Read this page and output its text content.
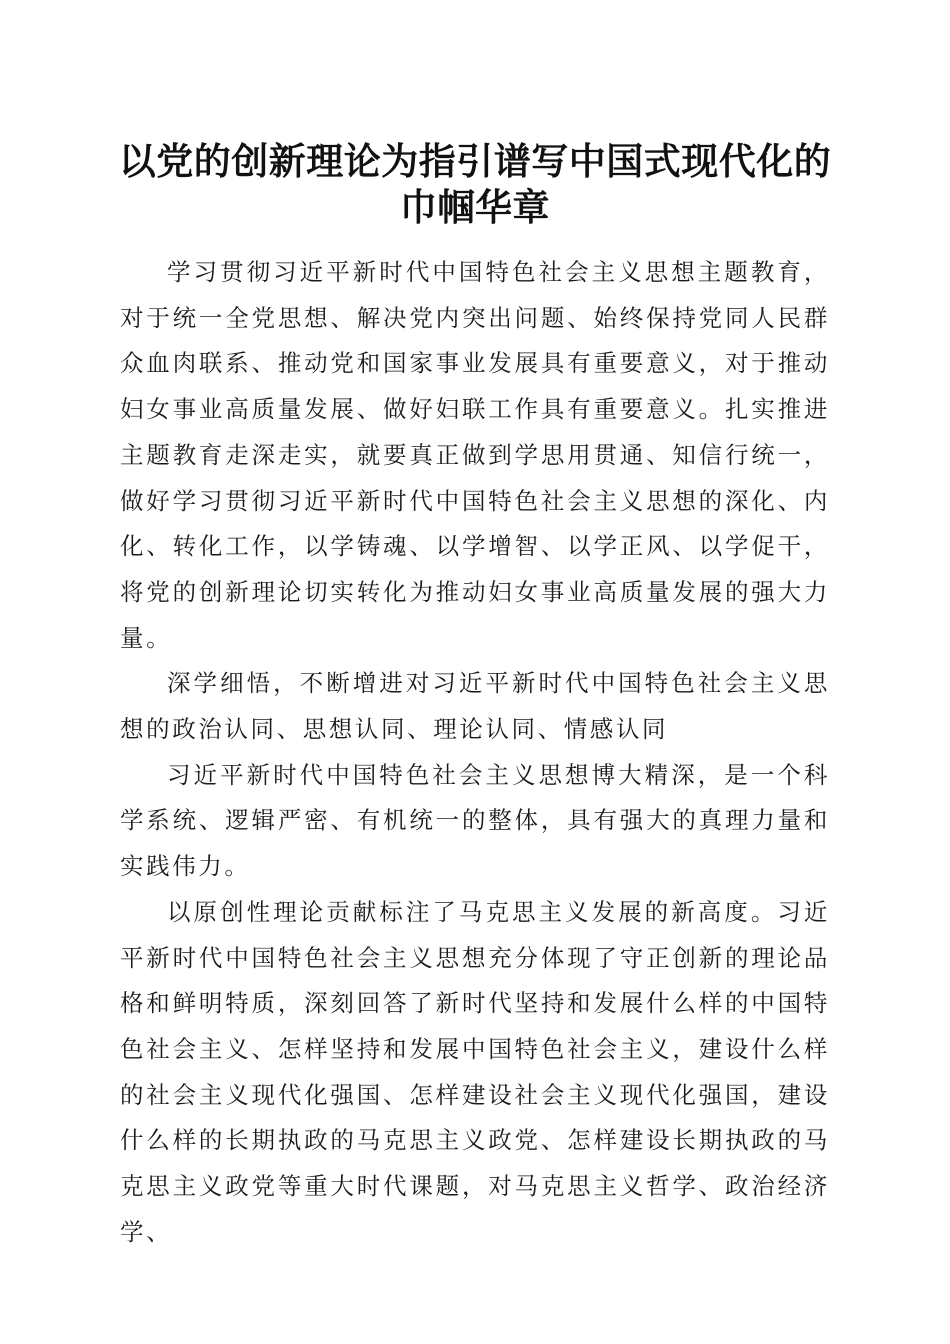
以党的创新理论为指引谱写中国式现代化的巾帼华章

学习贯彻习近平新时代中国特色社会主义思想主题教育，对于统一全党思想、解决党内突出问题、始终保持党同人民群众血肉联系、推动党和国家事业发展具有重要意义，对于推动妇女事业高质量发展、做好妇联工作具有重要意义。扎实推进主题教育走深走实，就要真正做到学思用贯通、知信行统一，做好学习贯彻习近平新时代中国特色社会主义思想的深化、内化、转化工作，以学铸魂、以学增智、以学正风、以学促干，将党的创新理论切实转化为推动妇女事业高质量发展的强大力量。

深学细悟，不断增进对习近平新时代中国特色社会主义思想的政治认同、思想认同、理论认同、情感认同

习近平新时代中国特色社会主义思想博大精深，是一个科学系统、逻辑严密、有机统一的整体，具有强大的真理力量和实践伟力。

以原创性理论贡献标注了马克思主义发展的新高度。习近平新时代中国特色社会主义思想充分体现了守正创新的理论品格和鲜明特质，深刻回答了新时代坚持和发展什么样的中国特色社会主义、怎样坚持和发展中国特色社会主义，建设什么样的社会主义现代化强国、怎样建设社会主义现代化强国，建设什么样的长期执政的马克思主义政党、怎样建设长期执政的马克思主义政党等重大时代课题，对马克思主义哲学、政治经济学、
